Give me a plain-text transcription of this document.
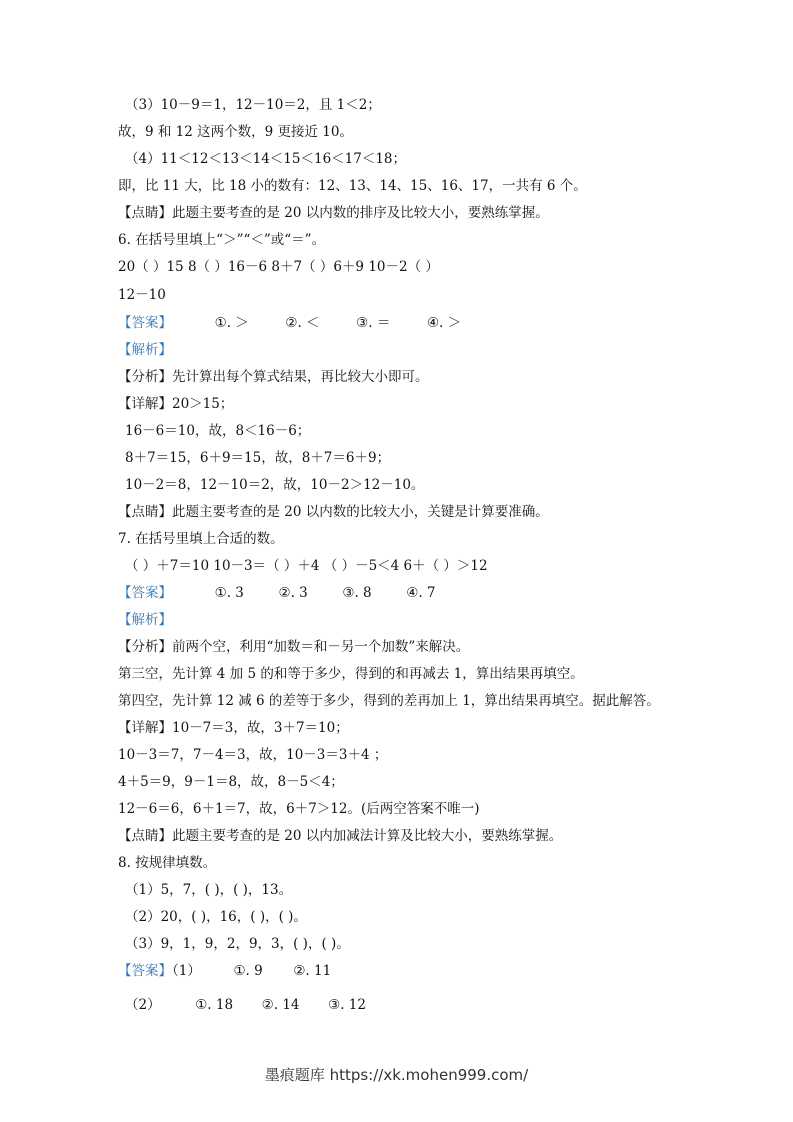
（3）10－9＝1，12－10＝2，且 1＜2；
故，9 和 12 这两个数，9 更接近 10。
（4）11＜12＜13＜14＜15＜16＜17＜18；
即，比 11 大，比 18 小的数有：12、13、14、15、16、17，一共有 6 个。
【点睛】此题主要考查的是 20 以内数的排序及比较大小，要熟练掌握。
6. 在括号里填上“＞”“＜”或“＝”。
20（ ）15 8（ ）16－6 8＋7（ ）6＋9 10－2（ ）
12－10
【答案】	①. ＞	②. ＜	③. ＝	④. ＞
【解析】
【分析】先计算出每个算式结果，再比较大小即可。
【详解】20＞15；
16－6＝10，故，8＜16－6；
8＋7＝15，6＋9＝15，故，8＋7＝6＋9；
10－2＝8，12－10＝2，故，10－2＞12－10。
【点睛】此题主要考查的是 20 以内数的比较大小，关键是计算要准确。
7. 在括号里填上合适的数。
（ ）＋7＝10 10－3＝（ ）＋4 （ ）－5＜4 6＋（ ）＞12
【答案】	①. 3	②. 3	③. 8	④. 7
【解析】
【分析】前两个空，利用“加数＝和－另一个加数”来解决。
第三空，先计算 4 加 5 的和等于多少，得到的和再减去 1，算出结果再填空。
第四空，先计算 12 减 6 的差等于多少，得到的差再加上 1，算出结果再填空。据此解答。
【详解】10－7＝3，故，3＋7＝10；
10－3＝7，7－4＝3，故，10－3＝3＋4 ；
4＋5＝9，9－1＝8，故，8－5＜4；
12－6＝6，6＋1＝7，故，6＋7＞12。(后两空答案不唯一)
【点睛】此题主要考查的是 20 以内加减法计算及比较大小，要熟练掌握。
8. 按规律填数。
（1）5，7，( )，( )，13。
（2）20，( )，16，( )，( )。
（3）9，1，9，2，9，3，( )，( )。
【答案】（1） ①. 9 ②. 11
（2）	①. 18 ②. 14 ③. 12
墨痕题库 https://xk.mohen999.com/
